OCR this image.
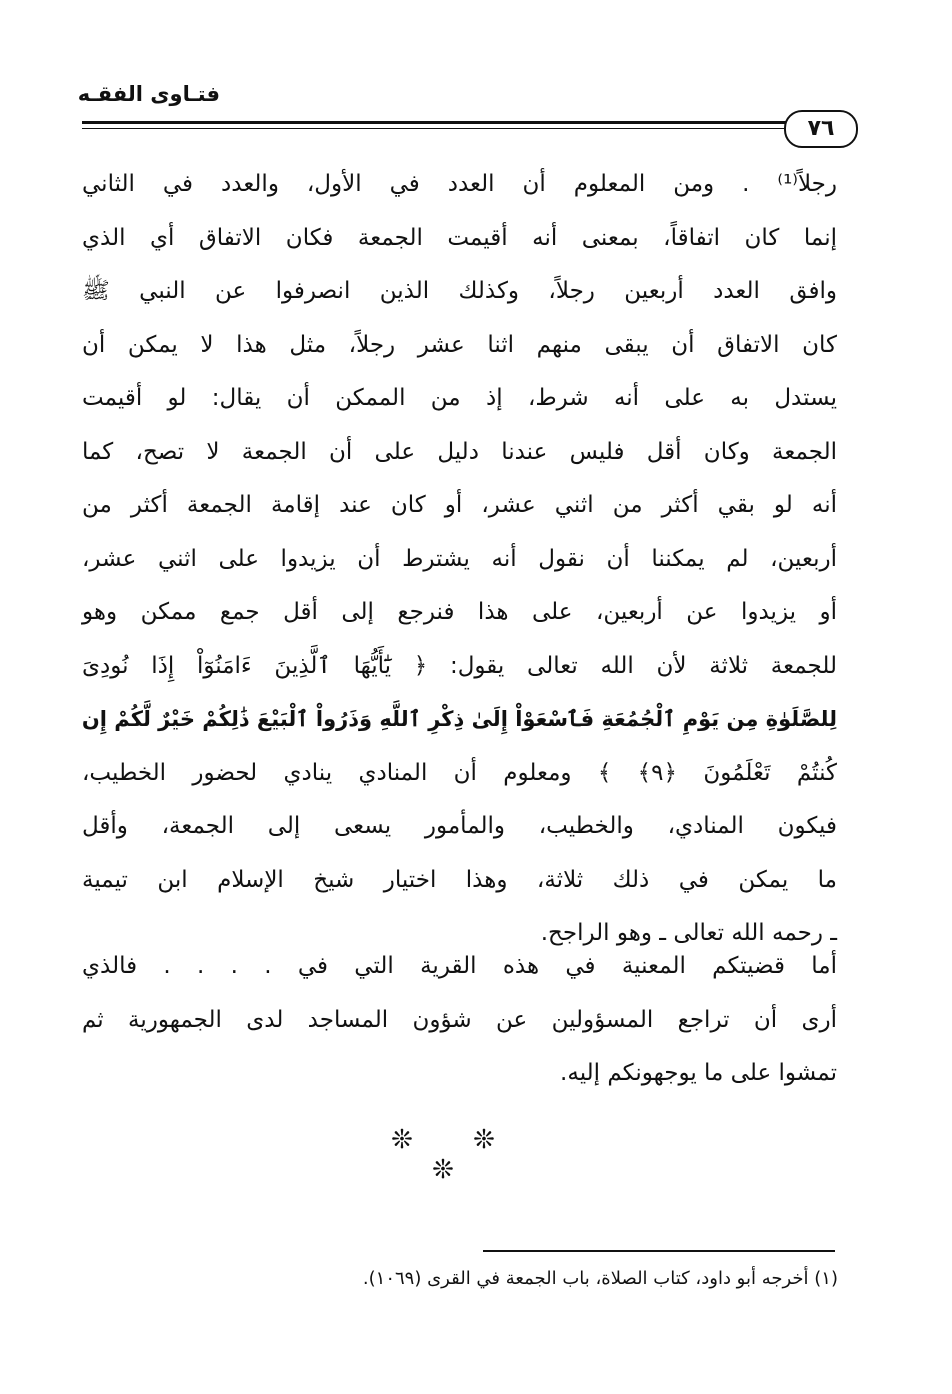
فتـاوى الفقـه
٧٦
رجلاً⁽¹⁾ . ومن المعلوم أن العدد في الأول، والعدد في الثاني
إنما كان اتفاقاً، بمعنى أنه أقيمت الجمعة فكان الاتفاق أي الذي
وافق العدد أربعين رجلاً، وكذلك الذين انصرفوا عن النبي ﷺ
كان الاتفاق أن يبقى منهم اثنا عشر رجلاً، مثل هذا لا يمكن أن
يستدل به على أنه شرط، إذ من الممكن أن يقال: لو أقيمت
الجمعة وكان أقل فليس عندنا دليل على أن الجمعة لا تصح، كما
أنه لو بقي أكثر من اثني عشر، أو كان عند إقامة الجمعة أكثر من
أربعين، لم يمكننا أن نقول أنه يشترط أن يزيدوا على اثني عشر،
أو يزيدوا عن أربعين، على هذا فنرجع إلى أقل جمع ممكن وهو
للجمعة ثلاثة لأن الله تعالى يقول: ﴿ يَٰٓأَيُّهَا ٱلَّذِينَ ءَامَنُوٓاْ إِذَا نُودِىَ
لِلصَّلَوٰةِ مِن يَوْمِ ٱلْجُمُعَةِ فَٱسْعَوْاْ إِلَىٰ ذِكْرِ ٱللَّهِ وَذَرُواْ ٱلْبَيْعَ ذَٰلِكُمْ خَيْرٌ لَّكُمْ إِن
كُنتُمْ تَعْلَمُونَ ﴿٩﴾ ﴾ ومعلوم أن المنادي ينادي لحضور الخطيب،
فيكون المنادي، والخطيب، والمأمور يسعى إلى الجمعة، وأقل
ما يمكن في ذلك ثلاثة، وهذا اختيار شيخ الإسلام ابن تيمية
ـ رحمه الله تعالى ـ وهو الراجح.
أما قضيتكم المعنية في هذه القرية التي في . . . . فالذي
أرى أن تراجع المسؤولين عن شؤون المساجد لدى الجمهورية ثم
تمشوا على ما يوجهونكم إليه.
❊ ❊ ❊
(١) أخرجه أبو داود، كتاب الصلاة، باب الجمعة في القرى (١٠٦٩).
